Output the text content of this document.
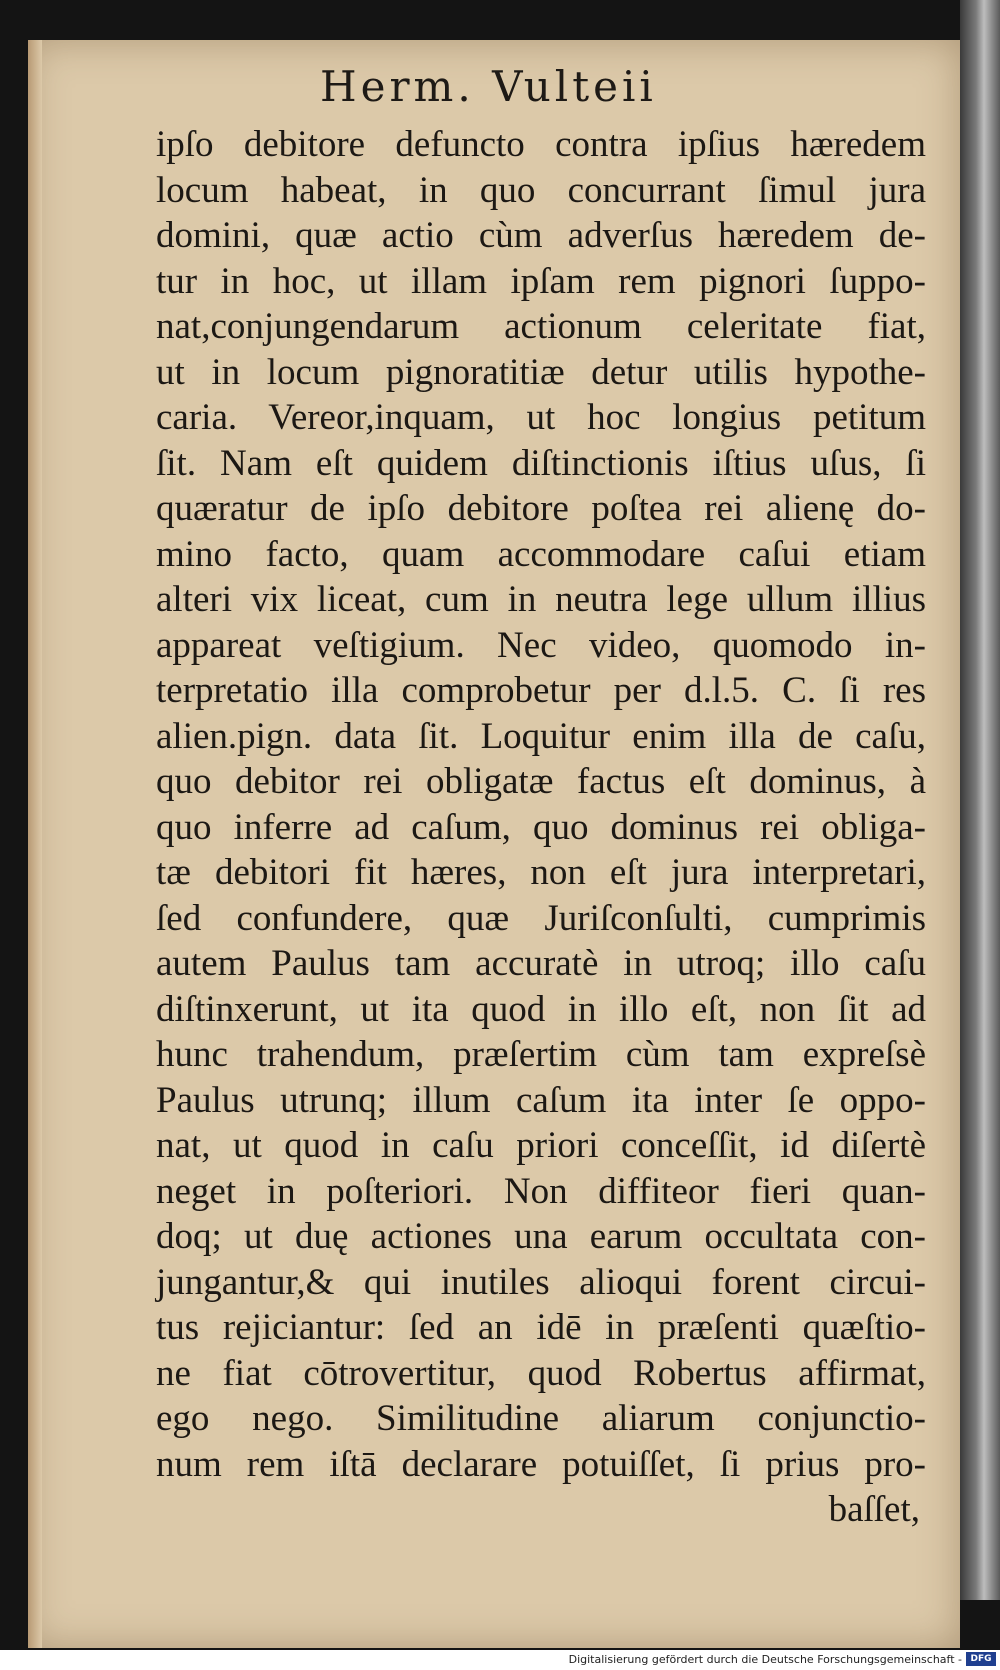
Herm. Vulteii
ipſo debitore defuncto contra ipſius hæredem
locum habeat, in quo concurrant ſimul jura
domini, quæ actio cùm adverſus hæredem de-
tur in hoc, ut illam ipſam rem pignori ſuppo-
nat,conjungendarum actionum celeritate fiat,
ut in locum pignoratitiæ detur utilis hypothe-
caria. Vereor,inquam, ut hoc longius petitum
ſit. Nam eſt quidem diſtinctionis iſtius uſus, ſi
quæratur de ipſo debitore poſtea rei alienę do-
mino facto, quam accommodare caſui etiam
alteri vix liceat, cum in neutra lege ullum illius
appareat veſtigium. Nec video, quomodo in-
terpretatio illa comprobetur per d.l.5. C. ſi res
alien.pign. data ſit. Loquitur enim illa de caſu,
quo debitor rei obligatæ factus eſt dominus, à
quo inferre ad caſum, quo dominus rei obliga-
tæ debitori fit hæres, non eſt jura interpretari,
ſed confundere, quæ Juriſconſulti, cumprimis
autem Paulus tam accuratè in utroq; illo caſu
diſtinxerunt, ut ita quod in illo eſt, non ſit ad
hunc trahendum, præſertim cùm tam expreſsè
Paulus utrunq; illum caſum ita inter ſe oppo-
nat, ut quod in caſu priori conceſſit, id diſertè
neget in poſteriori. Non diffiteor fieri quan-
doq; ut duę actiones una earum occultata con-
jungantur,& qui inutiles alioqui forent circui-
tus rejiciantur: ſed an idē in præſenti quæſtio-
ne fiat cōtrovertitur, quod Robertus affirmat,
ego nego. Similitudine aliarum conjunctio-
num rem iſtā declarare potuiſſet, ſi prius pro-
baſſet,
Digitalisierung gefördert durch die Deutsche Forschungsgemeinschaft - DFG
